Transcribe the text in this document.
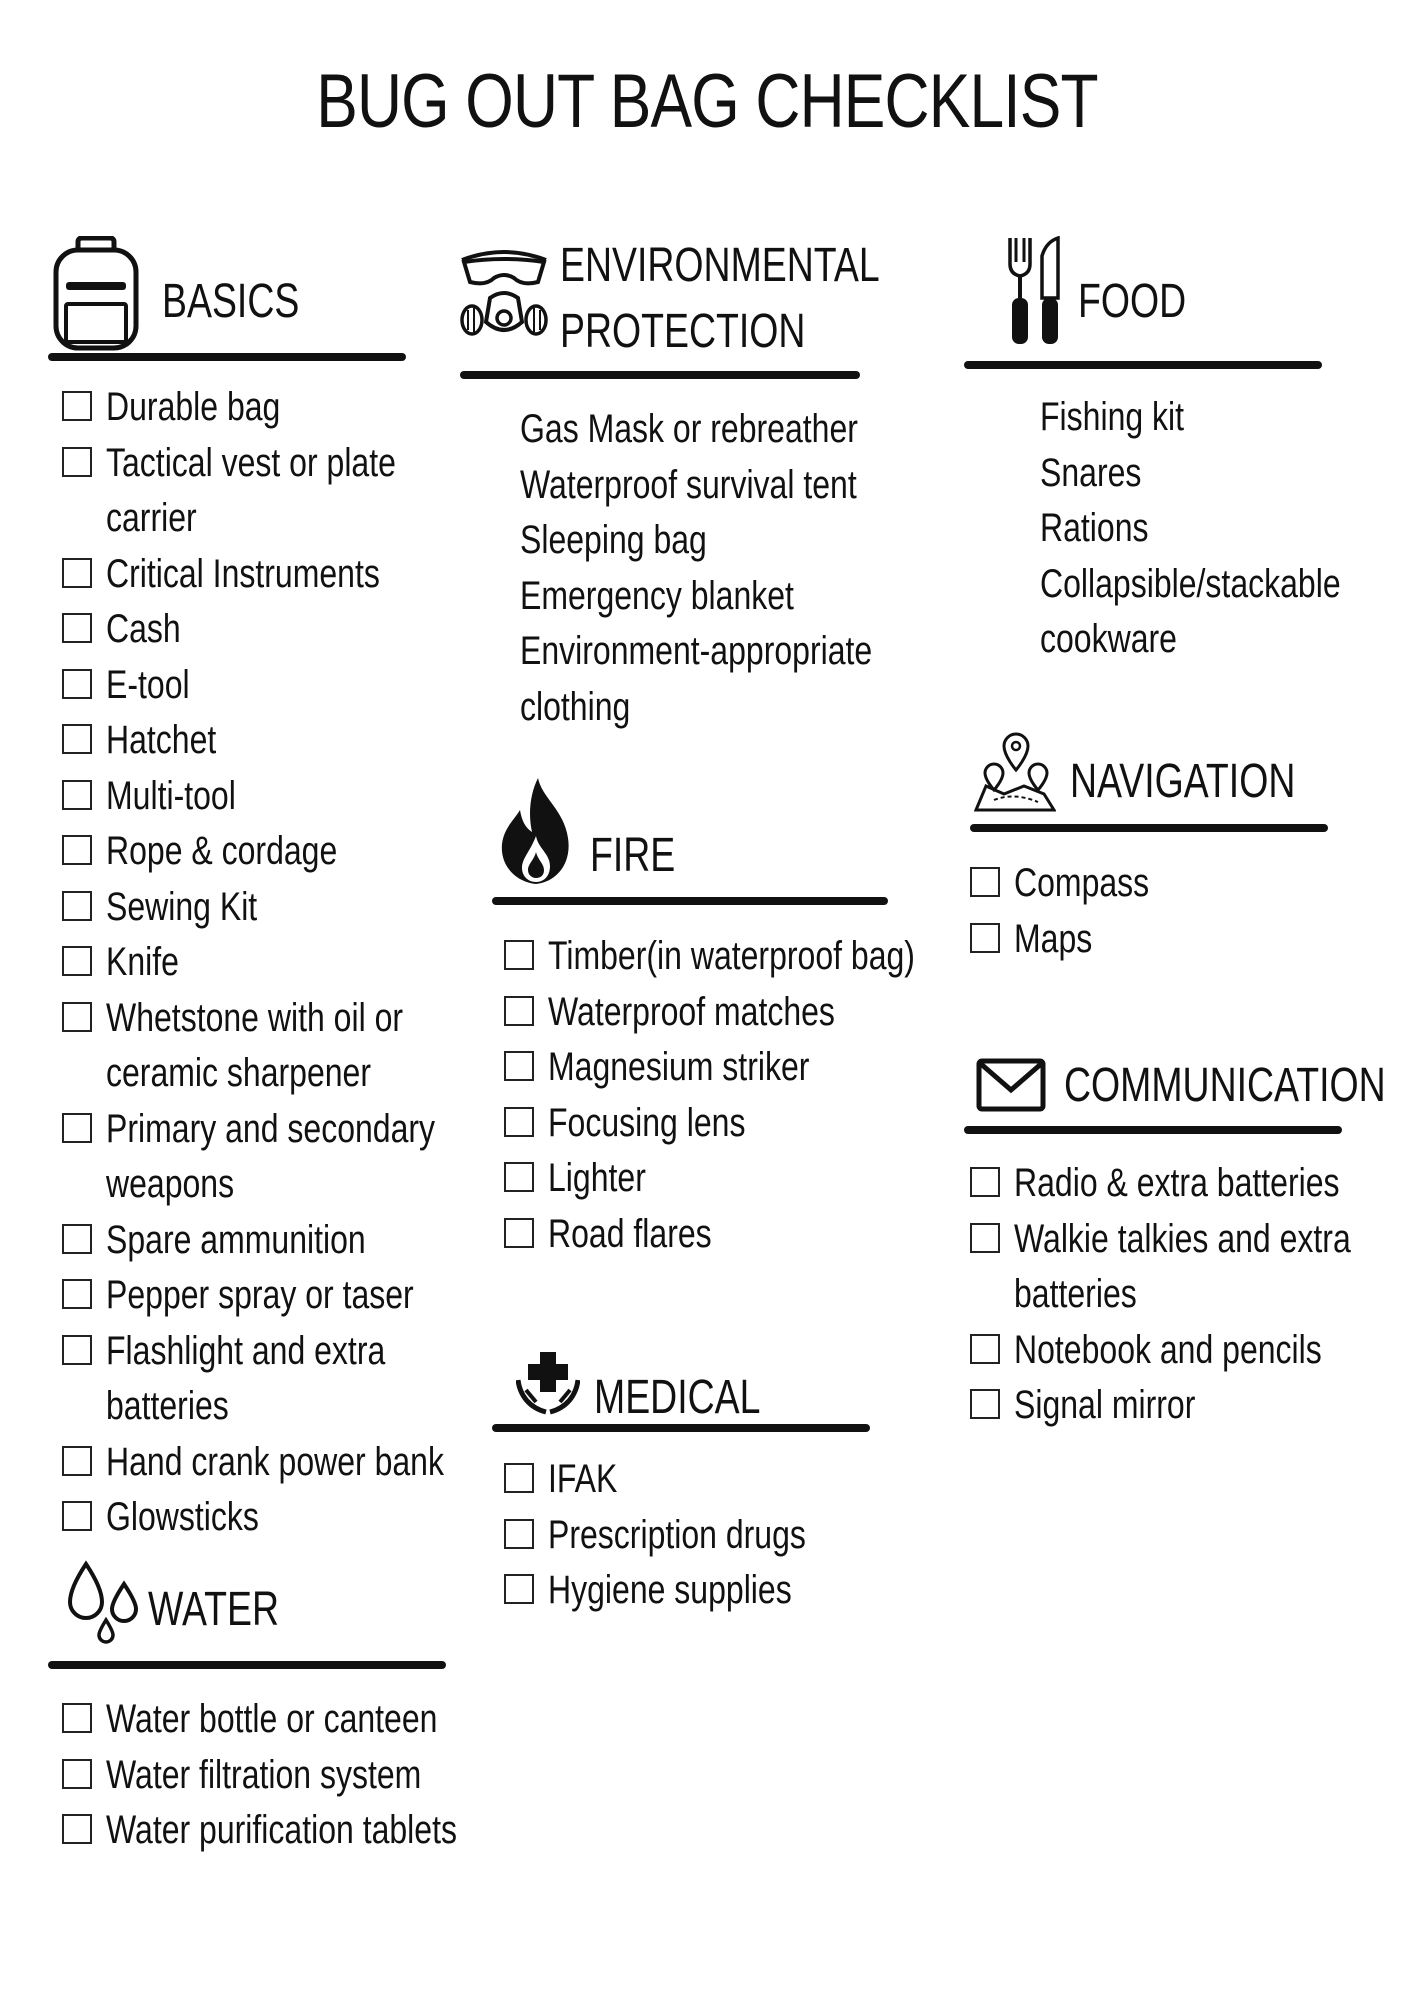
BUG OUT BAG CHECKLIST
BASICS
Durable bag
Tactical vest or plate
carrier
Critical Instruments
Cash
E-tool
Hatchet
Multi-tool
Rope & cordage
Sewing Kit
Knife
Whetstone with oil or
ceramic sharpener
Primary and secondary
weapons
Spare ammunition
Pepper spray or taser
Flashlight and extra
batteries
Hand crank power bank
Glowsticks
WATER
Water bottle or canteen
Water filtration system
Water purification tablets
ENVIRONMENTAL
PROTECTION
Gas Mask or rebreather
Waterproof survival tent
Sleeping bag
Emergency blanket
Environment-appropriate
clothing
FIRE
Timber(in waterproof bag)
Waterproof matches
Magnesium striker
Focusing lens
Lighter
Road flares
MEDICAL
IFAK
Prescription drugs
Hygiene supplies
FOOD
Fishing kit
Snares
Rations
Collapsible/stackable
cookware
NAVIGATION
Compass
Maps
COMMUNICATION
Radio & extra batteries
Walkie talkies and extra
batteries
Notebook and pencils
Signal mirror
